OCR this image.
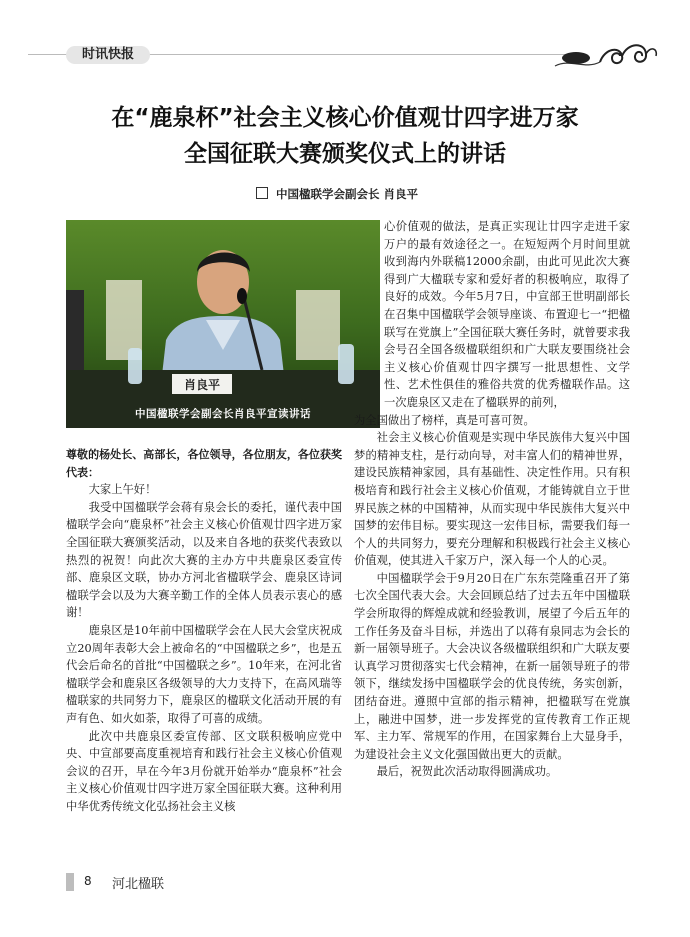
时讯快报
在“鹿泉杯”社会主义核心价值观廿四字进万家
全国征联大赛颁奖仪式上的讲话
中国楹联学会副会长 肖良平
肖良平
中国楹联学会副会长肖良平宣读讲话

心价值观的做法，是真正实现让廿四字走进千家万户的最有效途径之一。在短短两个月时间里就收到海内外联稿12000余副，由此可见此次大赛得到广大楹联专家和爱好者的积极响应，取得了良好的成效。今年5月7日，中宣部王世明副部长在召集中国楹联学会领导座谈、布置迎七一“把楹联写在党旗上”全国征联大赛任务时，就曾要求我会号召全国各级楹联组织和广大联友要围绕社会主义核心价值观廿四字撰写一批思想性、文学性、艺术性俱佳的雅俗共赏的优秀楹联作品。这一次鹿泉区又走在了楹联界的前列，

为全国做出了榜样，真是可喜可贺。

社会主义核心价值观是实现中华民族伟大复兴中国梦的精神支柱，是行动向导，对丰富人们的精神世界，建设民族精神家园，具有基础性、决定性作用。只有积极培育和践行社会主义核心价值观，才能铸就自立于世界民族之林的中国精神，从而实现中华民族伟大复兴中国梦的宏伟目标。要实现这一宏伟目标，需要我们每一个人的共同努力，要充分理解和积极践行社会主义核心价值观，使其进入千家万户，深入每一个人的心灵。

中国楹联学会于9月20日在广东东莞隆重召开了第七次全国代表大会。大会回顾总结了过去五年中国楹联学会所取得的辉煌成就和经验教训，展望了今后五年的工作任务及奋斗目标，并选出了以蒋有泉同志为会长的新一届领导班子。大会决议各级楹联组织和广大联友要认真学习贯彻落实七代会精神，在新一届领导班子的带领下，继续发扬中国楹联学会的优良传统，务实创新，团结奋进。遵照中宣部的指示精神，把楹联写在党旗上，融进中国梦，进一步发挥党的宣传教育工作正规军、主力军、常规军的作用，在国家舞台上大显身手，为建设社会主义文化强国做出更大的贡献。

最后，祝贺此次活动取得圆满成功。

尊敬的杨处长、高部长，各位领导，各位朋友，各位获奖代表：

大家上午好！

我受中国楹联学会蒋有泉会长的委托，谨代表中国楹联学会向“鹿泉杯”社会主义核心价值观廿四字进万家全国征联大赛颁奖活动，以及来自各地的获奖代表致以热烈的祝贺！向此次大赛的主办方中共鹿泉区委宣传部、鹿泉区文联，协办方河北省楹联学会、鹿泉区诗词楹联学会以及为大赛辛勤工作的全体人员表示衷心的感谢！

鹿泉区是10年前中国楹联学会在人民大会堂庆祝成立20周年表彰大会上被命名的“中国楹联之乡”，也是五代会后命名的首批“中国楹联之乡”。10年来，在河北省楹联学会和鹿泉区各级领导的大力支持下，在高风瑞等楹联家的共同努力下，鹿泉区的楹联文化活动开展的有声有色、如火如荼，取得了可喜的成绩。

此次中共鹿泉区委宣传部、区文联积极响应党中央、中宣部要高度重视培育和践行社会主义核心价值观会议的召开，早在今年3月份就开始举办“鹿泉杯”社会主义核心价值观廿四字进万家全国征联大赛。这种利用中华优秀传统文化弘扬社会主义核

8 河北楹联
